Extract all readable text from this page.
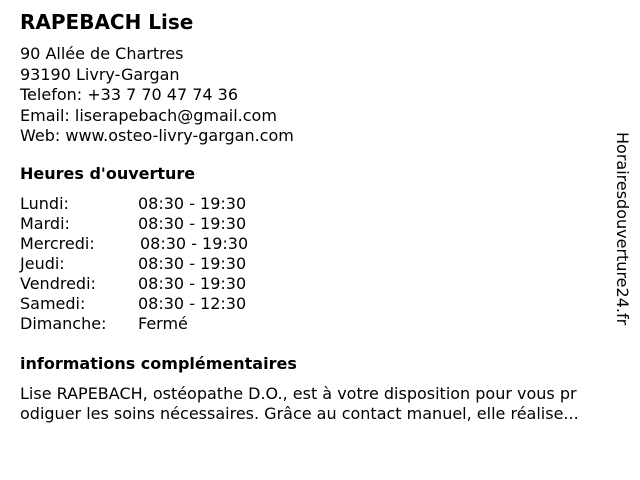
RAPEBACH Lise
90 Allée de Chartres
93190 Livry-Gargan
Telefon: +33 7 70 47 74 36
Email: liserapebach@gmail.com
Web: www.osteo-livry-gargan.com
Heures d'ouverture
Lundi:	08:30 - 19:30
Mardi:	08:30 - 19:30
Mercredi:	08:30 - 19:30
Jeudi:	08:30 - 19:30
Vendredi:	08:30 - 19:30
Samedi:	08:30 - 12:30
Dimanche: Fermé
informations complémentaires
Lise RAPEBACH, ostéopathe D.O., est à votre disposition pour vous pr
odiguer les soins nécessaires. Grâce au contact manuel, elle réalise...
Horairesdouverture24.fr
